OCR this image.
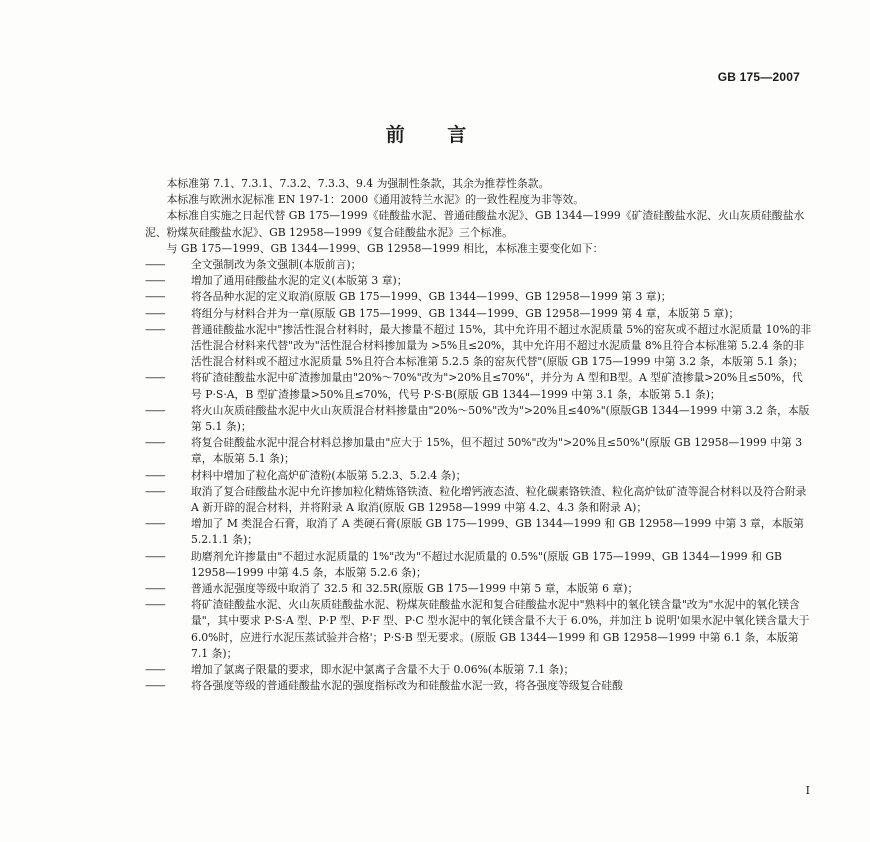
GB 175—2007
前 言

本标准第 7.1、7.3.1、7.3.2、7.3.3、9.4 为强制性条款，其余为推荐性条款。

本标准与欧洲水泥标准 EN 197-1：2000《通用波特兰水泥》的一致性程度为非等效。

本标准自实施之日起代替 GB 175—1999《硅酸盐水泥、普通硅酸盐水泥》、GB 1344—1999《矿渣硅酸盐水泥、火山灰质硅酸盐水泥、粉煤灰硅酸盐水泥》、GB 12958—1999《复合硅酸盐水泥》三个标准。

与 GB 175—1999、GB 1344—1999、GB 12958—1999 相比，本标准主要变化如下：

——	全文强制改为条文强制(本版前言)；
——	增加了通用硅酸盐水泥的定义(本版第 3 章)；
——	将各品种水泥的定义取消(原版 GB 175—1999、GB 1344—1999、GB 12958—1999 第 3 章)；
——	将组分与材料合并为一章(原版 GB 175—1999、GB 1344—1999、GB 12958—1999 第 4 章，本版第 5 章)；
——	普通硅酸盐水泥中"掺活性混合材料时，最大掺量不超过 15%，其中允许用不超过水泥质量 5%的窑灰或不超过水泥质量 10%的非活性混合材料来代替"改为"活性混合材料掺加量为 >5%且≤20%，其中允许用不超过水泥质量 8%且符合本标准第 5.2.4 条的非活性混合材料或不超过水泥质量 5%且符合本标准第 5.2.5 条的窑灰代替"(原版 GB 175—1999 中第 3.2 条，本版第 5.1 条)；
——	将矿渣硅酸盐水泥中矿渣掺加量由"20%～70%"改为">20%且≤70%"，并分为 A 型和B型。A 型矿渣掺量>20%且≤50%，代号 P·S·A，B 型矿渣掺量>50%且≤70%，代号 P·S·B(原版 GB 1344—1999 中第 3.1 条，本版第 5.1 条)；
——	将火山灰质硅酸盐水泥中火山灰质混合材料掺量由"20%～50%"改为">20%且≤40%"(原版GB 1344—1999 中第 3.2 条，本版第 5.1 条)；
——	将复合硅酸盐水泥中混合材料总掺加量由"应大于 15%，但不超过 50%"改为">20%且≤50%"(原版 GB 12958—1999 中第 3 章，本版第 5.1 条)；
——	材料中增加了粒化高炉矿渣粉(本版第 5.2.3、5.2.4 条)；
——	取消了复合硅酸盐水泥中允许掺加粒化精炼铬铁渣、粒化增钙液态渣、粒化碳素铬铁渣、粒化高炉钛矿渣等混合材料以及符合附录 A 新开辟的混合材料，并将附录 A 取消(原版 GB 12958—1999 中第 4.2、4.3 条和附录 A)；
——	增加了 M 类混合石膏，取消了 A 类硬石膏(原版 GB 175—1999、GB 1344—1999 和 GB 12958—1999 中第 3 章，本版第 5.2.1.1 条)；
——	助磨剂允许掺量由"不超过水泥质量的 1%"改为"不超过水泥质量的 0.5%"(原版 GB 175—1999、GB 1344—1999 和 GB 12958—1999 中第 4.5 条，本版第 5.2.6 条)；
——	普通水泥强度等级中取消了 32.5 和 32.5R(原版 GB 175—1999 中第 5 章，本版第 6 章)；
——	将矿渣硅酸盐水泥、火山灰质硅酸盐水泥、粉煤灰硅酸盐水泥和复合硅酸盐水泥中"熟料中的氧化镁含量"改为"水泥中的氧化镁含量"，其中要求 P·S·A 型、P·P 型、P·F 型、P·C 型水泥中的氧化镁含量不大于 6.0%，并加注 b 说明'如果水泥中氧化镁含量大于 6.0%时，应进行水泥压蒸试验并合格'；P·S·B 型无要求。(原版 GB 1344—1999 和 GB 12958—1999 中第 6.1 条，本版第 7.1 条)；
——	增加了氯离子限量的要求，即水泥中氯离子含量不大于 0.06%(本版第 7.1 条)；
——	将各强度等级的普通硅酸盐水泥的强度指标改为和硅酸盐水泥一致，将各强度等级复合硅酸
I
